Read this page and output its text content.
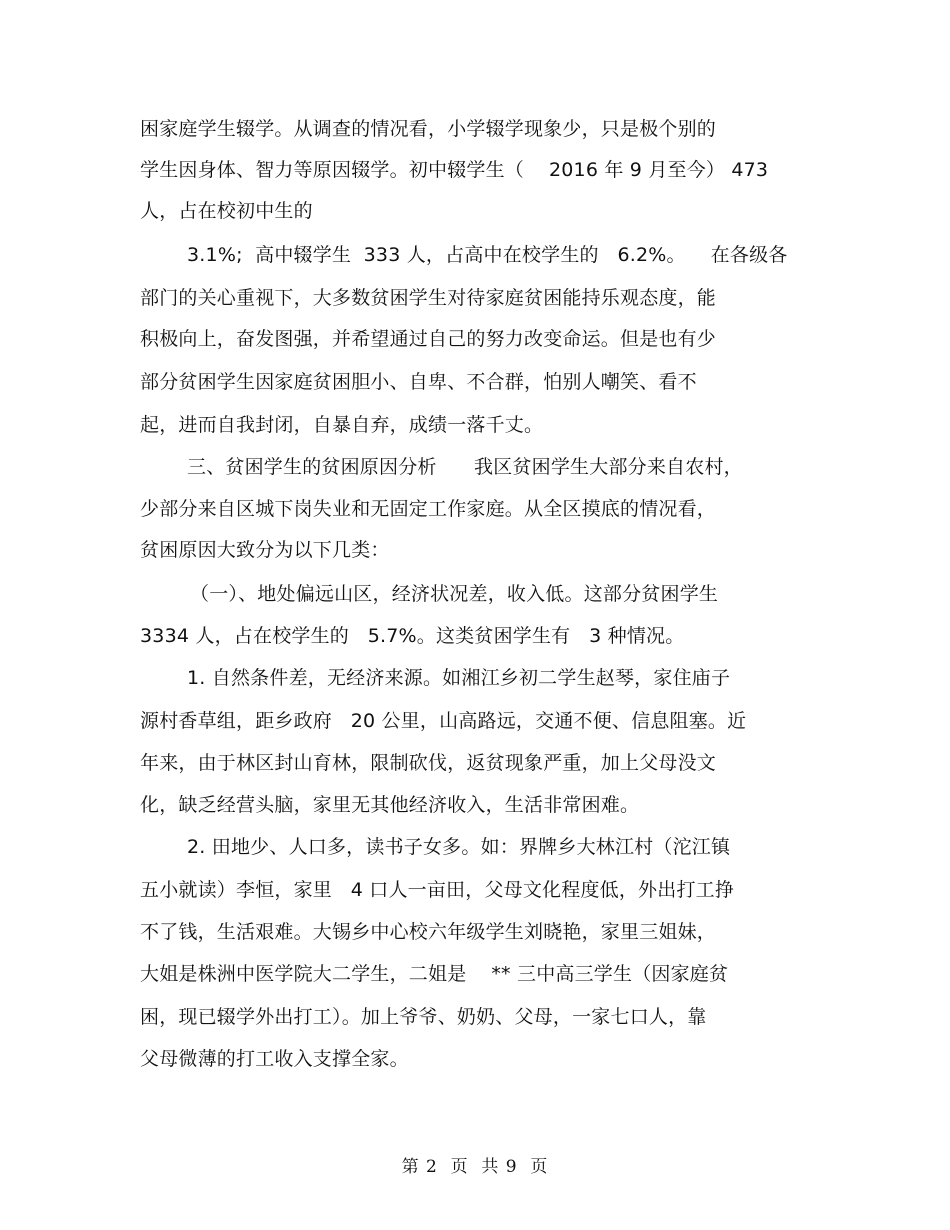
困家庭学生辍学。从调查的情况看，小学辍学现象少，只是极个别的
学生因身体、智力等原因辍学。初中辍学生（    2016 年 9 月至今） 473
人，占在校初中生的
3.1%;  高中辍学生  333 人，占高中在校学生的   6.2%。    在各级各
部门的关心重视下，大多数贫困学生对待家庭贫困能持乐观态度，能
积极向上，奋发图强，并希望通过自己的努力改变命运。但是也有少
部分贫困学生因家庭贫困胆小、自卑、不合群，怕别人嘲笑、看不
起，进而自我封闭，自暴自弃，成绩一落千丈。
三、贫困学生的贫困原因分析      我区贫困学生大部分来自农村，
少部分来自区城下岗失业和无固定工作家庭。从全区摸底的情况看，
贫困原因大致分为以下几类：
（一）、地处偏远山区，经济状况差，收入低。这部分贫困学生
3334 人，占在校学生的   5.7%。这类贫困学生有   3 种情况。
1. 自然条件差，无经济来源。如湘江乡初二学生赵琴，家住庙子
源村香草组，距乡政府   20 公里，山高路远，交通不便、信息阻塞。近
年来，由于林区封山育林，限制砍伐，返贫现象严重，加上父母没文
化，缺乏经营头脑，家里无其他经济收入，生活非常困难。
2. 田地少、人口多，读书子女多。如：界牌乡大林江村（沱江镇
五小就读）李恒，家里   4 口人一亩田，父母文化程度低，外出打工挣
不了钱，生活艰难。大锡乡中心校六年级学生刘晓艳，家里三姐妹，
大姐是株洲中医学院大二学生，二姐是    ** 三中高三学生（因家庭贫
困，现已辍学外出打工）。加上爷爷、奶奶、父母，一家七口人，靠
父母微薄的打工收入支撑全家。
第 2  页  共 9  页
